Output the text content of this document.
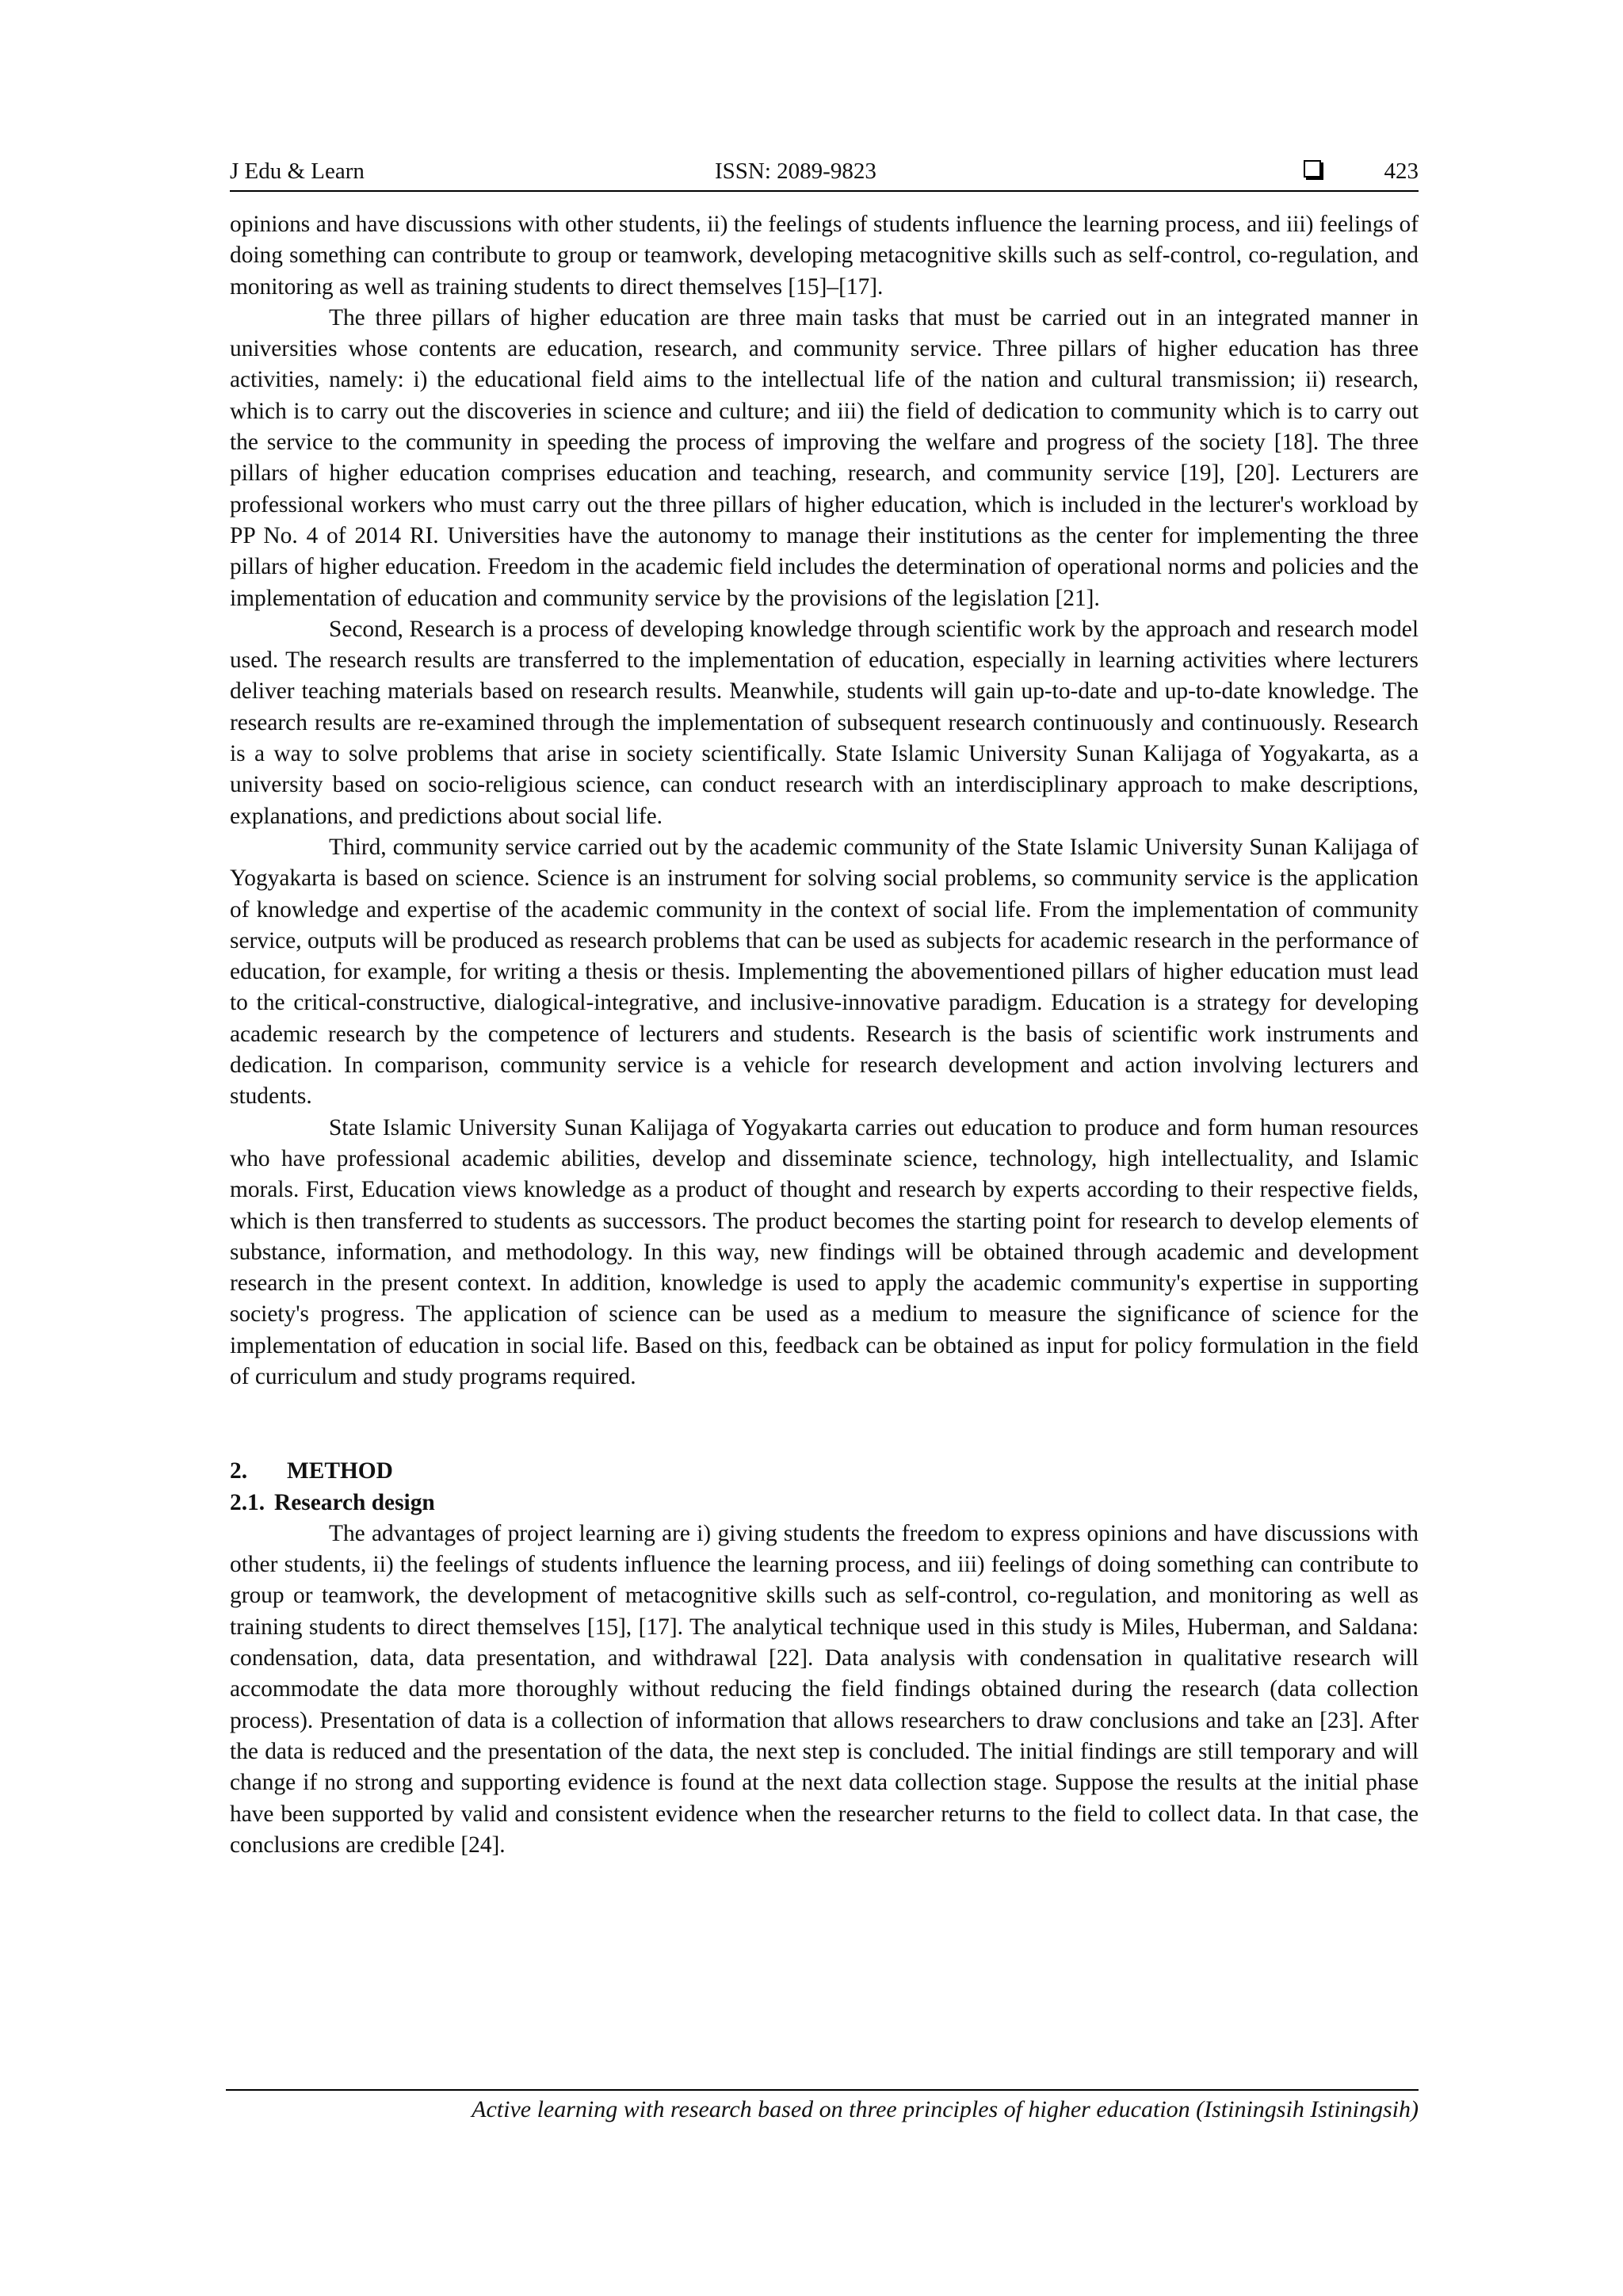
J Edu & Learn	ISSN: 2089-9823	423

opinions and have discussions with other students, ii) the feelings of students influence the learning process, and iii) feelings of doing something can contribute to group or teamwork, developing metacognitive skills such as self-control, co-regulation, and monitoring as well as training students to direct themselves [15]–[17].

The three pillars of higher education are three main tasks that must be carried out in an integrated manner in universities whose contents are education, research, and community service. Three pillars of higher education has three activities, namely: i) the educational field aims to the intellectual life of the nation and cultural transmission; ii) research, which is to carry out the discoveries in science and culture; and iii) the field of dedication to community which is to carry out the service to the community in speeding the process of improving the welfare and progress of the society [18]. The three pillars of higher education comprises education and teaching, research, and community service [19], [20]. Lecturers are professional workers who must carry out the three pillars of higher education, which is included in the lecturer's workload by PP No. 4 of 2014 RI. Universities have the autonomy to manage their institutions as the center for implementing the three pillars of higher education. Freedom in the academic field includes the determination of operational norms and policies and the implementation of education and community service by the provisions of the legislation [21].

Second, Research is a process of developing knowledge through scientific work by the approach and research model used. The research results are transferred to the implementation of education, especially in learning activities where lecturers deliver teaching materials based on research results. Meanwhile, students will gain up-to-date and up-to-date knowledge. The research results are re-examined through the implementation of subsequent research continuously and continuously. Research is a way to solve problems that arise in society scientifically. State Islamic University Sunan Kalijaga of Yogyakarta, as a university based on socio-religious science, can conduct research with an interdisciplinary approach to make descriptions, explanations, and predictions about social life.

Third, community service carried out by the academic community of the State Islamic University Sunan Kalijaga of Yogyakarta is based on science. Science is an instrument for solving social problems, so community service is the application of knowledge and expertise of the academic community in the context of social life. From the implementation of community service, outputs will be produced as research problems that can be used as subjects for academic research in the performance of education, for example, for writing a thesis or thesis. Implementing the abovementioned pillars of higher education must lead to the critical-constructive, dialogical-integrative, and inclusive-innovative paradigm. Education is a strategy for developing academic research by the competence of lecturers and students. Research is the basis of scientific work instruments and dedication. In comparison, community service is a vehicle for research development and action involving lecturers and students.

State Islamic University Sunan Kalijaga of Yogyakarta carries out education to produce and form human resources who have professional academic abilities, develop and disseminate science, technology, high intellectuality, and Islamic morals. First, Education views knowledge as a product of thought and research by experts according to their respective fields, which is then transferred to students as successors. The product becomes the starting point for research to develop elements of substance, information, and methodology. In this way, new findings will be obtained through academic and development research in the present context. In addition, knowledge is used to apply the academic community's expertise in supporting society's progress. The application of science can be used as a medium to measure the significance of science for the implementation of education in social life. Based on this, feedback can be obtained as input for policy formulation in the field of curriculum and study programs required.

2. METHOD
2.1. Research design

The advantages of project learning are i) giving students the freedom to express opinions and have discussions with other students, ii) the feelings of students influence the learning process, and iii) feelings of doing something can contribute to group or teamwork, the development of metacognitive skills such as self-control, co-regulation, and monitoring as well as training students to direct themselves [15], [17]. The analytical technique used in this study is Miles, Huberman, and Saldana: condensation, data, data presentation, and withdrawal [22]. Data analysis with condensation in qualitative research will accommodate the data more thoroughly without reducing the field findings obtained during the research (data collection process). Presentation of data is a collection of information that allows researchers to draw conclusions and take an [23]. After the data is reduced and the presentation of the data, the next step is concluded. The initial findings are still temporary and will change if no strong and supporting evidence is found at the next data collection stage. Suppose the results at the initial phase have been supported by valid and consistent evidence when the researcher returns to the field to collect data. In that case, the conclusions are credible [24].

Active learning with research based on three principles of higher education (Istiningsih Istiningsih)
